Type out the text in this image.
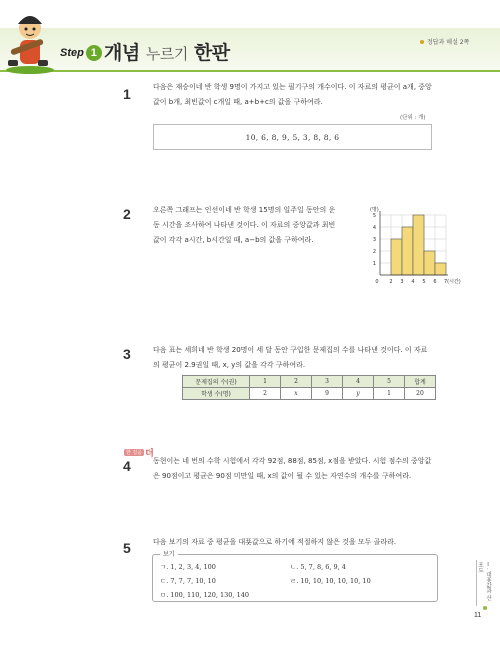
Step 1 개념 누르기 한판	정답과 해설 2쪽
1	다음은 재승이네 반 학생 9명이 가지고 있는 필기구의 개수이다. 이 자료의 평균이 a개, 중앙
값이 b개, 최빈값이 c개일 때, a+b+c의 값을 구하여라.
(단위 : 개)
10, 6, 8, 9, 5, 3, 8, 8, 6
2	오른쪽 그래프는 인선이네 반 학생 15명의 일주일 동안의 운
동 시간을 조사하여 나타낸 것이다. 이 자료의 중앙값과 최빈
값이 각각 a시간, b시간일 때, a−b의 값을 구하여라.
1
2
3
4
5
(명)
0 2 3 4 5 6 7(시간)
3	다음 표는 세희네 반 학생 20명이 세 달 동안 구입한 문제집의 수를 나타낸 것이다. 이 자료
의 평균이 2.9권일 때, x, y의 값을 각각 구하여라.
문제집의 수(권)	1	2	3	4	5	합계
학생 수(명)	2	x	9	y	1	20
한 걸음 더
4	동현이는 네 번의 수학 시험에서 각각 92점, 88점, 85점, x점을 받았다. 시험 점수의 중앙값
은 90점이고 평균은 90점 미만일 때, x의 값이 될 수 있는 자연수의 개수를 구하여라.
5	다음 보기의 자료 중 평균을 대푯값으로 하기에 적절하지 않은 것을 모두 골라라.
보기
ㄱ. 1, 2, 3, 4, 100	ㄴ. 5, 7, 8, 6, 9, 4
ㄷ. 7, 7, 7, 10, 10	ㄹ. 10, 10, 10, 10, 10, 10
ㅁ. 100, 110, 120, 130, 140	Ⅰ. 대푯값과 산포도
11
